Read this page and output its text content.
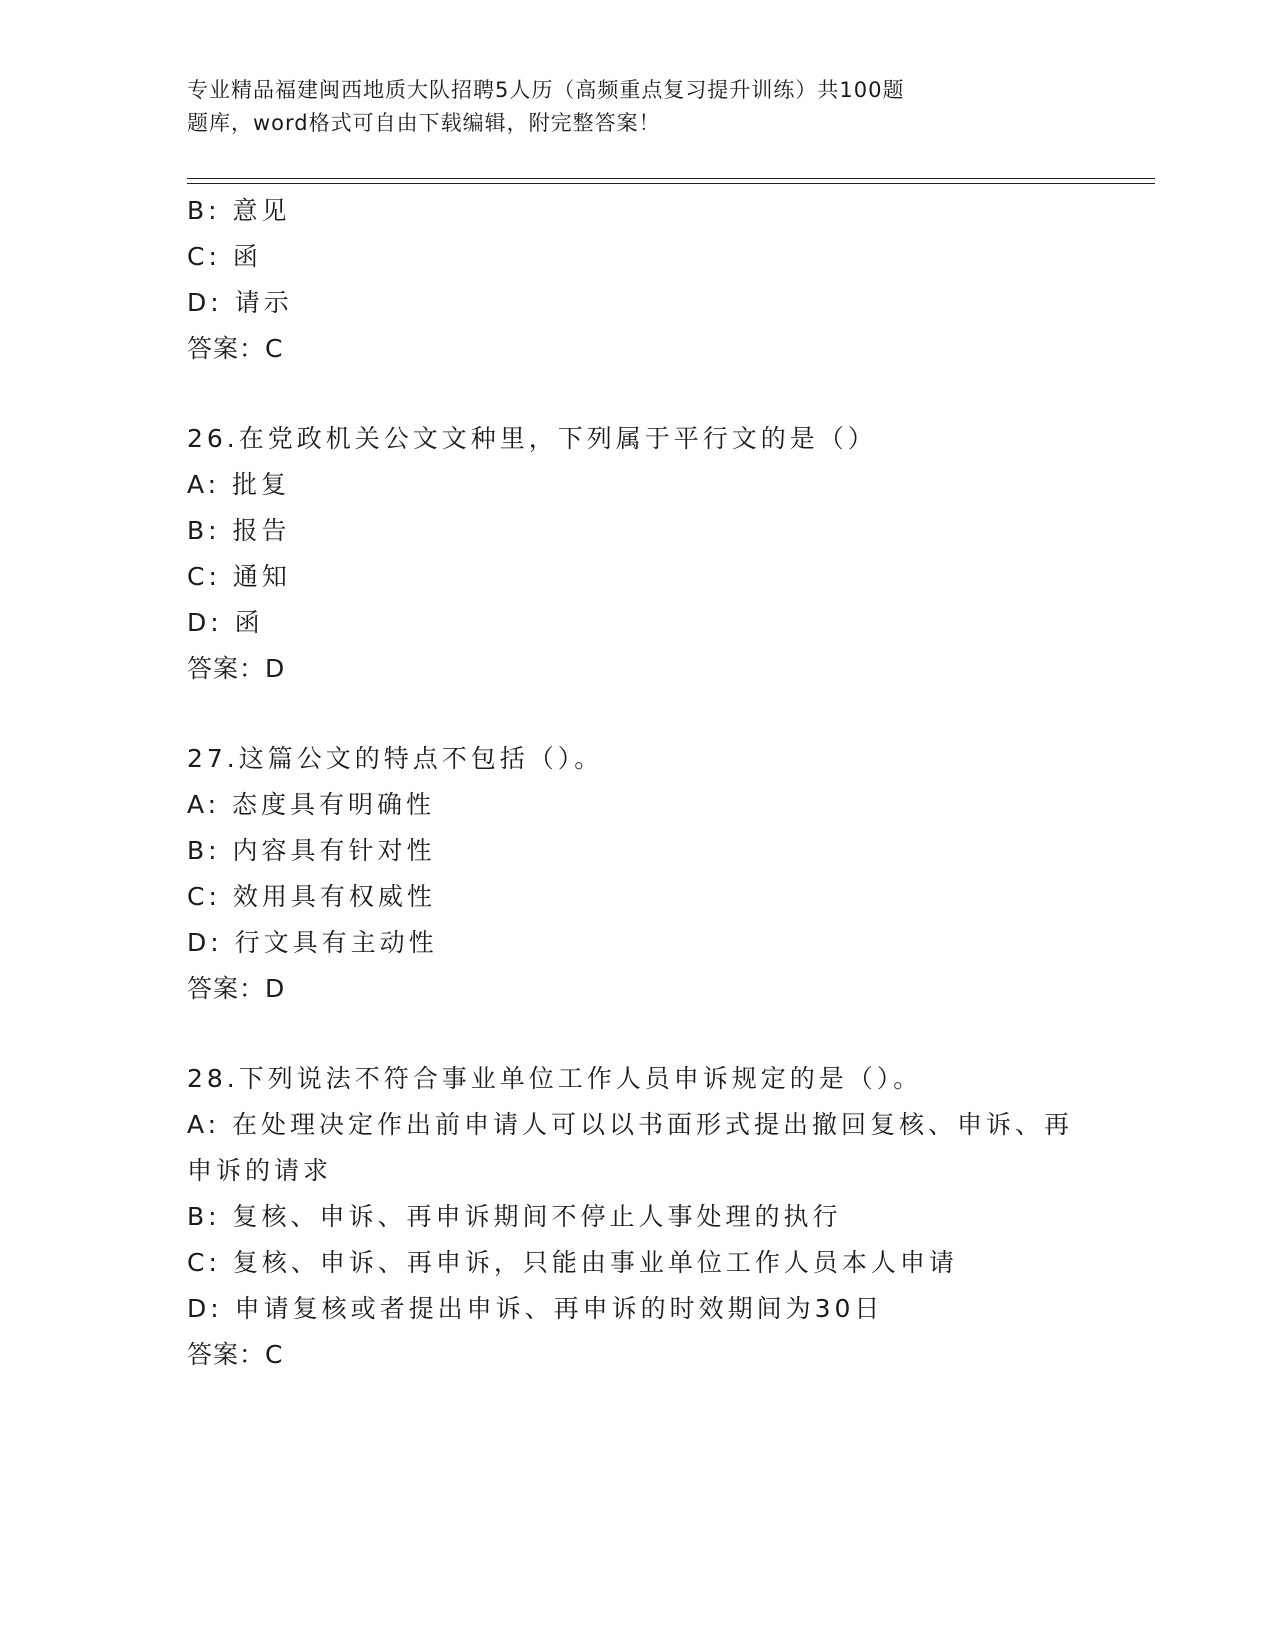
专业精品福建闽西地质大队招聘5人历（高频重点复习提升训练）共100题
题库，word格式可自由下载编辑，附完整答案！
B: 意见
C: 函
D: 请示
答案：C
26.在党政机关公文文种里，下列属于平行文的是（）
A: 批复
B: 报告
C: 通知
D: 函
答案：D
27.这篇公文的特点不包括（）。
A: 态度具有明确性
B: 内容具有针对性
C: 效用具有权威性
D: 行文具有主动性
答案：D
28.下列说法不符合事业单位工作人员申诉规定的是（）。
A: 在处理决定作出前申请人可以以书面形式提出撤回复核、申诉、再
申诉的请求
B: 复核、申诉、再申诉期间不停止人事处理的执行
C: 复核、申诉、再申诉，只能由事业单位工作人员本人申请
D: 申请复核或者提出申诉、再申诉的时效期间为30日
答案：C
